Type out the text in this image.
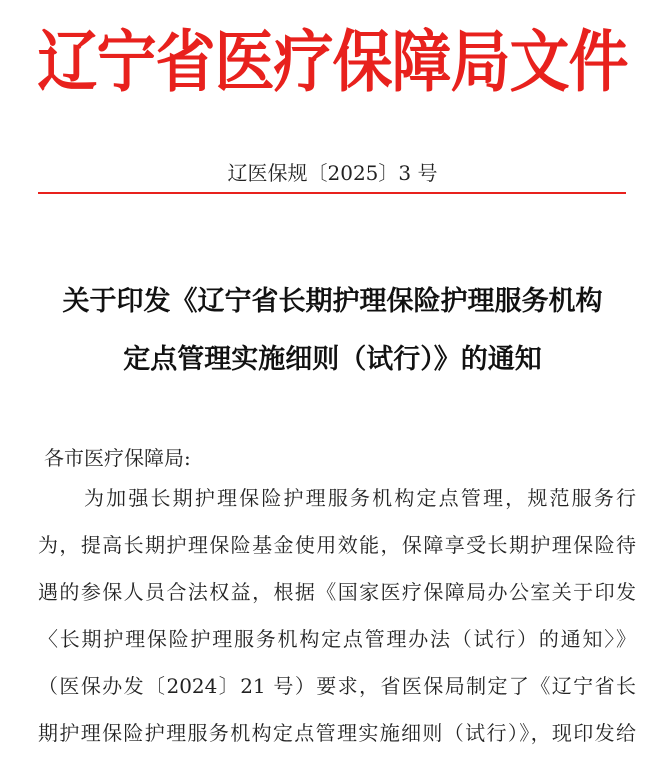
辽宁省医疗保障局文件
辽医保规〔2025〕3 号
关于印发《辽宁省长期护理保险护理服务机构
定点管理实施细则（试行）》的通知
各市医疗保障局:
为加强长期护理保险护理服务机构定点管理，规范服务行
为，提高长期护理保险基金使用效能，保障享受长期护理保险待
遇的参保人员合法权益，根据《国家医疗保障局办公室关于印发
〈长期护理保险护理服务机构定点管理办法（试行）的通知〉》
（医保办发〔2024〕21 号）要求，省医保局制定了《辽宁省长
期护理保险护理服务机构定点管理实施细则（试行）》，现印发给
